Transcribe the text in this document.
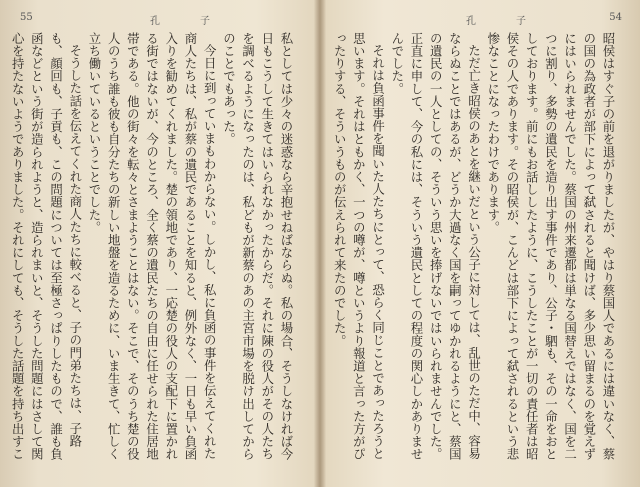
55	孔子

私としては少々の迷惑なら辛抱せねばならぬ。私の場合、そうしなければ今日もこうして生きてはいられなかったからだ。それに陳の役人がその人たちを調べるようになったのは、私どもが新蔡のあの主宮市場を脱け出してからのことでもあった。

今日に到っていまもわからない。しかし、私に負函の事件を伝えてくれた商人たちは、私が蔡の遺民であることを知ると、例外なく、一日も早い負函入りを勧めてくれました。楚の領地であり、一応楚の役人の支配下に置かれる街ではないが、今のところ、全く蔡の遺民たちの自由に任せられた住居地帯である。他の街々を転々とさまようことはない。そこで、そのうち楚の役人のうち誰も彼も自分たちの新しい地盤を造るために、いま生きて、忙しく立ち働いているということでした。

そうした話を伝えてくれた商人たちに較べると、子の門弟たちは、子路も、顔回も、子貢も、この問題については至極さっぱりしたもので、誰も負函などという街が造られようと、造られまいと、そうした問題にはさして関心を持たないようでありました。それにしても、そうした話題を持ち出すこ

54
孔子

昭侯はすぐ子の前を退がりましたが、やはり蔡国人であるには違いなく、蔡の国の為政者が部下によって弑されると聞けば、多少思い留まるのを覚えずにはいられませんでした。蔡国の州来遷都は単なる国替えではなく、国を二つに割り、多勢の遺民を造り出す事件であり、公子・駟も、その一命をおとしております。前にもお話ししたように、こうしたことが一切の責任者は昭侯その人であります。その昭侯が、こんどは部下によって弑されるという悲惨なことになったわけであります。

ただ亡き昭侯のあとを継いだという公子に対しては、乱世のただ中、容易ならぬことではあるが、どうか大過なく国を嗣ってゆかれるようにと、蔡国の遺民の一人としての、そういう思いを捧げないではいられませんでした。正直に申して、今の私には、そういう遺民としての程度の関心しかありませんでした。

それは負函事件を聞いた人たちにとって、恐らく同じことであったろうと思います。それはともかく、一つの噂が、噂というより報道と言った方がぴったりする、そういうものが伝えられて来たのでした。
